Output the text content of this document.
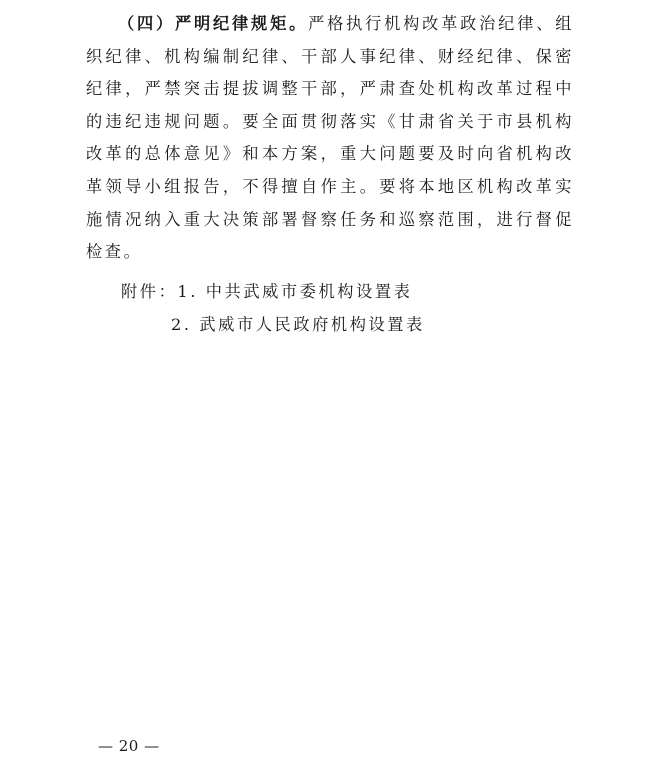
（四）严明纪律规矩。严格执行机构改革政治纪律、组织纪律、机构编制纪律、干部人事纪律、财经纪律、保密纪律，严禁突击提拔调整干部，严肃查处机构改革过程中的违纪违规问题。要全面贯彻落实《甘肃省关于市县机构改革的总体意见》和本方案，重大问题要及时向省机构改革领导小组报告，不得擅自作主。要将本地区机构改革实施情况纳入重大决策部署督察任务和巡察范围，进行督促检查。

附件：1. 中共武威市委机构设置表
2. 武威市人民政府机构设置表
— 20 —
